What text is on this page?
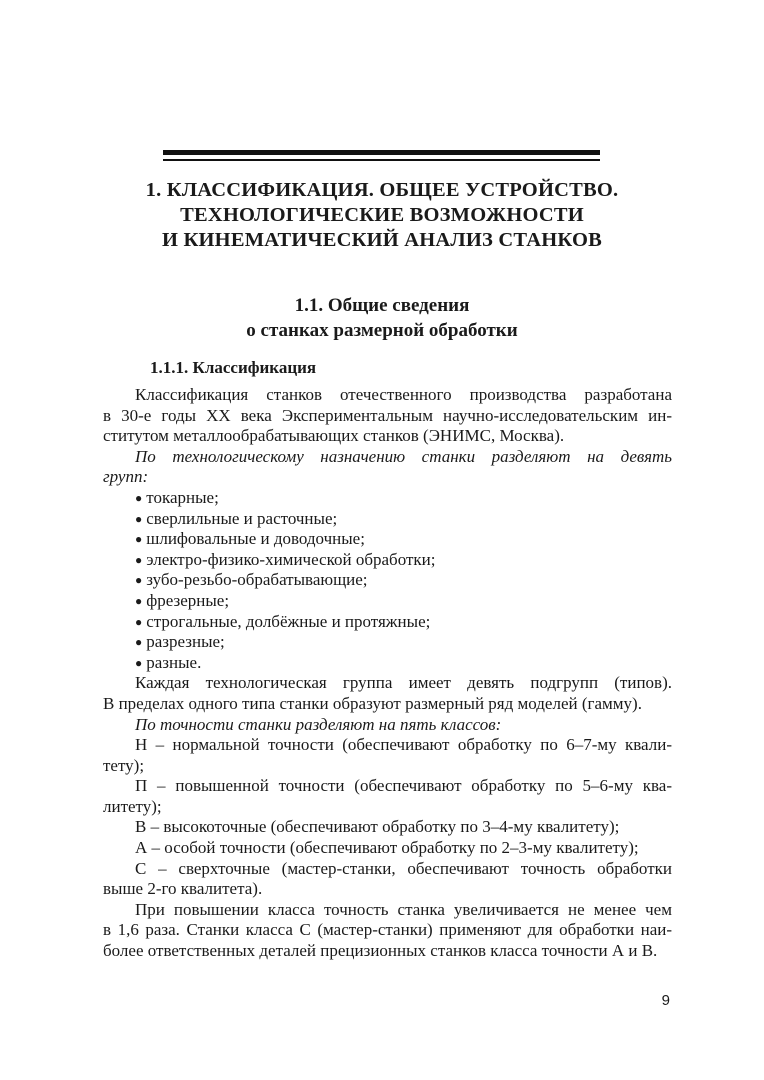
1. КЛАССИФИКАЦИЯ. ОБЩЕЕ УСТРОЙСТВО.
ТЕХНОЛОГИЧЕСКИЕ ВОЗМОЖНОСТИ
И КИНЕМАТИЧЕСКИЙ АНАЛИЗ СТАНКОВ
1.1. Общие сведения
о станках размерной обработки
1.1.1. Классификация
Классификация станков отечественного производства разработана
в 30-е годы XX века Экспериментальным научно-исследовательским ин-
ститутом металлообрабатывающих станков (ЭНИМС, Москва).
По технологическому назначению станки разделяют на девять
групп:
● токарные;
● сверлильные и расточные;
● шлифовальные и доводочные;
● электро-физико-химической обработки;
● зубо-резьбо-обрабатывающие;
● фрезерные;
● строгальные, долбёжные и протяжные;
● разрезные;
● разные.
Каждая технологическая группа имеет девять подгрупп (типов).
В пределах одного типа станки образуют размерный ряд моделей (гамму).
По точности станки разделяют на пять классов:
Н – нормальной точности (обеспечивают обработку по 6–7-му квали-
тету);
П – повышенной точности (обеспечивают обработку по 5–6-му ква-
литету);
В – высокоточные (обеспечивают обработку по 3–4-му квалитету);
А – особой точности (обеспечивают обработку по 2–3-му квалитету);
С – сверхточные (мастер-станки, обеспечивают точность обработки
выше 2-го квалитета).
При повышении класса точность станка увеличивается не менее чем
в 1,6 раза. Станки класса С (мастер-станки) применяют для обработки наи-
более ответственных деталей прецизионных станков класса точности А и В.
9
